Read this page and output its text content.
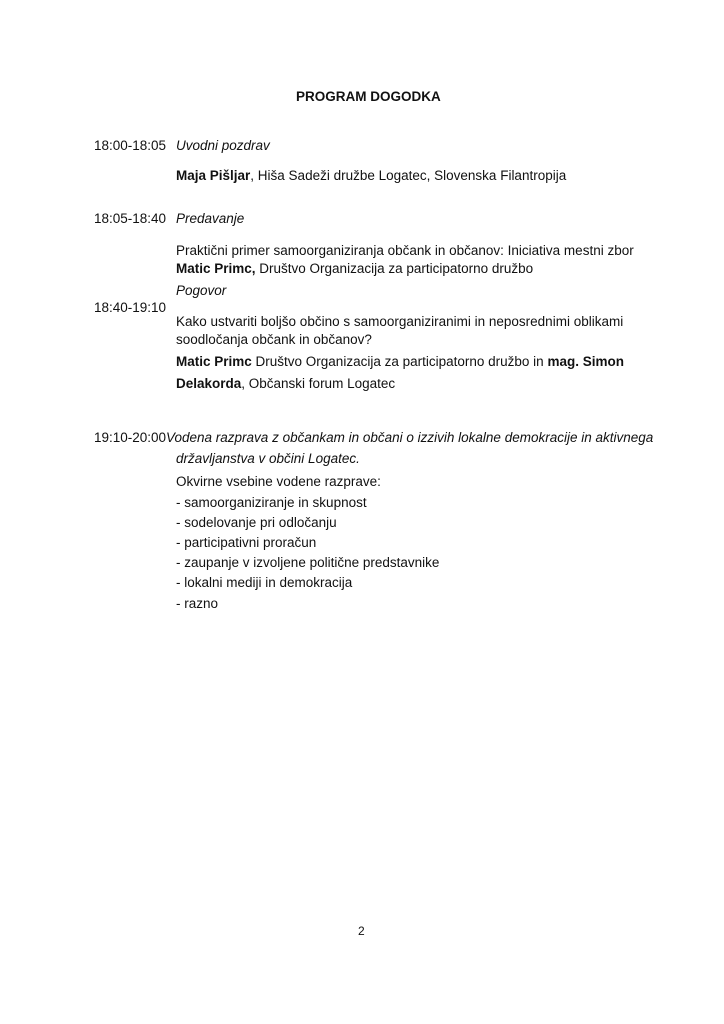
PROGRAM DOGODKA
18:00-18:05 Uvodni pozdrav
Maja Pišljar, Hiša Sadeži družbe Logatec, Slovenska Filantropija
18:05-18:40 Predavanje
Praktični primer samoorganiziranja občank in občanov: Iniciativa mestni zbor
Matic Primc, Društvo Organizacija za participatorno družbo
Pogovor
18:40-19:10
Kako ustvariti boljšo občino s samoorganiziranimi in neposrednimi oblikami
soodločanja občank in občanov?
Matic Primc Društvo Organizacija za participatorno družbo in mag. Simon
Delakorda, Občanski forum Logatec
19:10-20:00 Vodena razprava z občankam in občani o izzivih lokalne demokracije in aktivnega
državljanstva v občini Logatec.
Okvirne vsebine vodene razprave:
- samoorganiziranje in skupnost
- sodelovanje pri odločanju
- participativni proračun
- zaupanje v izvoljene politične predstavnike
- lokalni mediji in demokracija
- razno
2
